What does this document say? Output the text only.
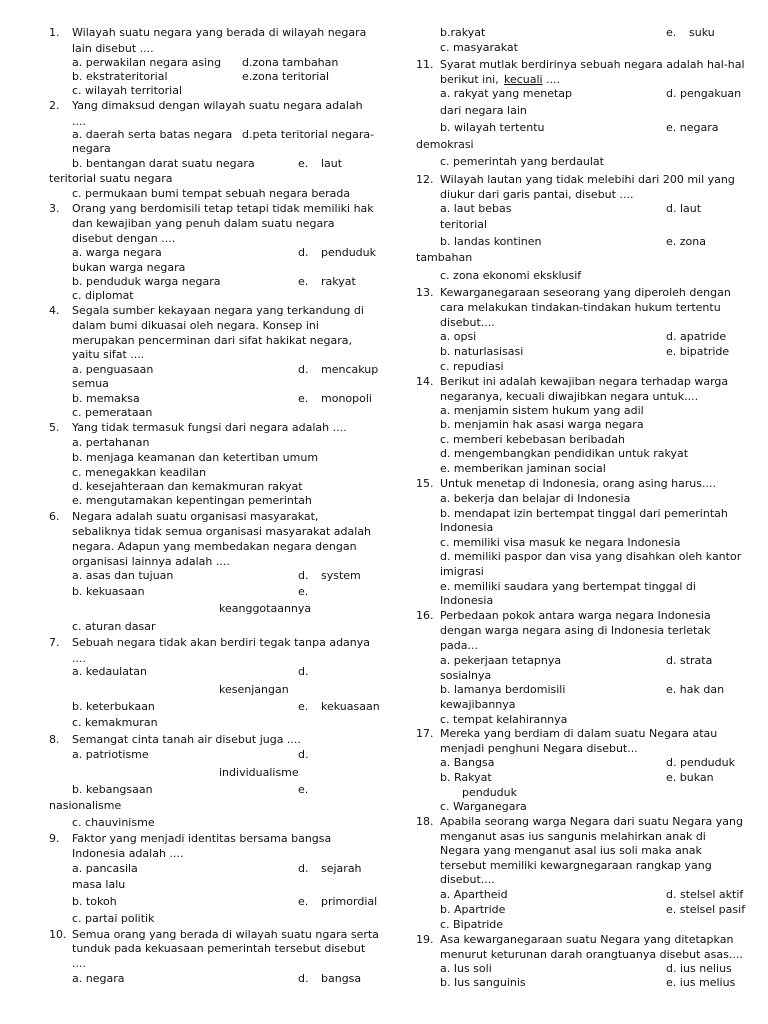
1. Wilayah suatu negara yang berada di wilayah negara
lain disebut ....
a. perwakilan negara asing d.zona tambahan
b. ekstrateritorial	e.zona teritorial
c. wilayah territorial
2. Yang dimaksud dengan wilayah suatu negara adalah
....
a. daerah serta batas negara d.peta teritorial negara-
negara
b. bentangan darat suatu negara	e. laut
teritorial suatu negara
c. permukaan bumi tempat sebuah negara berada
3. Orang yang berdomisili tetap tetapi tidak memiliki hak
dan kewajiban yang penuh dalam suatu negara
disebut dengan ....
a. warga negara	d. penduduk
bukan warga negara
b. penduduk warga negara	e. rakyat
c. diplomat
4. Segala sumber kekayaan negara yang terkandung di
dalam bumi dikuasai oleh negara. Konsep ini
merupakan pencerminan dari sifat hakikat negara,
yaitu sifat ....
a. penguasaan	d. mencakup
semua
b. memaksa	e. monopoli
c. pemerataan
5. Yang tidak termasuk fungsi dari negara adalah ....
a. pertahanan
b. menjaga keamanan dan ketertiban umum
c. menegakkan keadilan
d. kesejahteraan dan kemakmuran rakyat
e. mengutamakan kepentingan pemerintah
6. Negara adalah suatu organisasi masyarakat,
sebaliknya tidak semua organisasi masyarakat adalah
negara. Adapun yang membedakan negara dengan
organisasi lainnya adalah ....
a. asas dan tujuan	d. system
b. kekuasaan	e.
keanggotaannya
c. aturan dasar
7. Sebuah negara tidak akan berdiri tegak tanpa adanya
....
a. kedaulatan	d.
kesenjangan
b. keterbukaan	e. kekuasaan
c. kemakmuran
8. Semangat cinta tanah air disebut juga ....
a. patriotisme	d.
individualisme
b. kebangsaan	e.
nasionalisme
c. chauvinisme
9. Faktor yang menjadi identitas bersama bangsa
Indonesia adalah ....
a. pancasila	d. sejarah
masa lalu
b. tokoh	e. primordial
c. partai politik
10. Semua orang yang berada di wilayah suatu ngara serta
tunduk pada kekuasaan pemerintah tersebut disebut
....
a. negara	d. bangsa
b.rakyat	e. suku
c. masyarakat
11. Syarat mutlak berdirinya sebuah negara adalah hal-hal
berikut ini, kecuali ....
a. rakyat yang menetap	d. pengakuan
dari negara lain
b. wilayah tertentu	e. negara
demokrasi
c. pemerintah yang berdaulat
12. Wilayah lautan yang tidak melebihi dari 200 mil yang
diukur dari garis pantai, disebut ....
a. laut bebas	d. laut
teritorial
b. landas kontinen	e. zona
tambahan
c. zona ekonomi eksklusif
13. Kewarganegaraan seseorang yang diperoleh dengan
cara melakukan tindakan-tindakan hukum tertentu
disebut....
a. opsi	d. apatride
b. naturlasisasi	e. bipatride
c. repudiasi
14. Berikut ini adalah kewajiban negara terhadap warga
negaranya, kecuali diwajibkan negara untuk....
a. menjamin sistem hukum yang adil
b. menjamin hak asasi warga negara
c. memberi kebebasan beribadah
d. mengembangkan pendidikan untuk rakyat
e. memberikan jaminan social
15. Untuk menetap di Indonesia, orang asing harus....
a. bekerja dan belajar di Indonesia
b. mendapat izin bertempat tinggal dari pemerintah
Indonesia
c. memiliki visa masuk ke negara Indonesia
d. memiliki paspor dan visa yang disahkan oleh kantor
imigrasi
e. memiliki saudara yang bertempat tinggal di
Indonesia
16. Perbedaan pokok antara warga negara Indonesia
dengan warga negara asing di Indonesia terletak
pada...
a. pekerjaan tetapnya	d. strata
sosialnya
b. lamanya berdomisili	e. hak dan
kewajibannya
c. tempat kelahirannya
17. Mereka yang berdiam di dalam suatu Negara atau
menjadi penghuni Negara disebut...
a. Bangsa	d. penduduk
b. Rakyat	e. bukan
penduduk
c. Warganegara
18. Apabila seorang warga Negara dari suatu Negara yang
menganut asas ius sangunis melahirkan anak di
Negara yang menganut asal ius soli maka anak
tersebut memiliki kewargnegaraan rangkap yang
disebut....
a. Apartheid	d. stelsel aktif
b. Apartride	e. stelsel pasif
c. Bipatride
19. Asa kewarganegaraan suatu Negara yang ditetapkan
menurut keturunan darah orangtuanya disebut asas....
a. Ius soli	d. ius nelius
b. Ius sanguinis	e. ius melius
